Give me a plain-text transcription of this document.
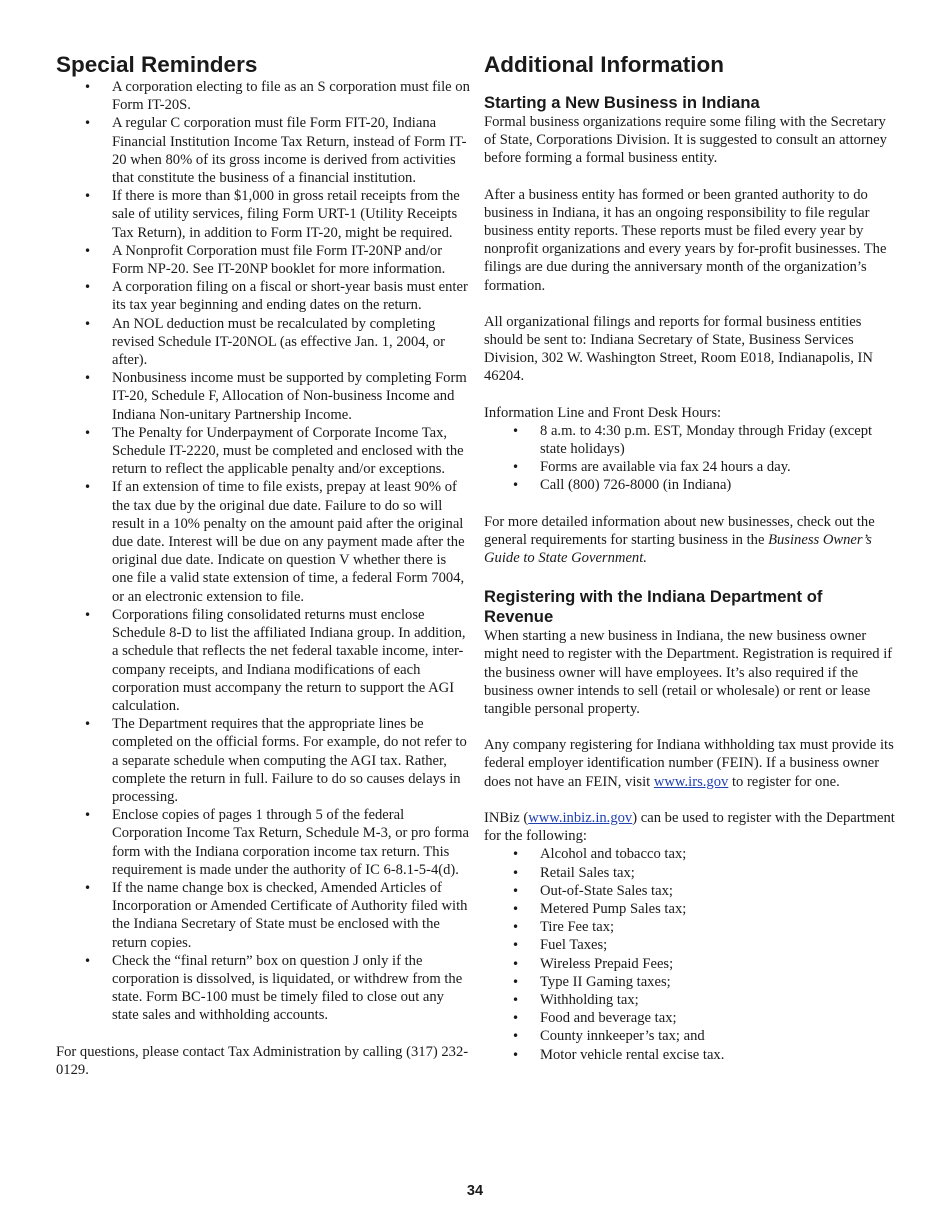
Special Reminders
• A corporation electing to file as an S corporation must file on Form IT-20S.
• A regular C corporation must file Form FIT-20, Indiana Financial Institution Income Tax Return, instead of Form IT-20 when 80% of its gross income is derived from activities that constitute the business of a financial institution.
• If there is more than $1,000 in gross retail receipts from the sale of utility services, filing Form URT-1 (Utility Receipts Tax Return), in addition to Form IT-20, might be required.
• A Nonprofit Corporation must file Form IT-20NP and/or Form NP-20. See IT-20NP booklet for more information.
• A corporation filing on a fiscal or short-year basis must enter its tax year beginning and ending dates on the return.
• An NOL deduction must be recalculated by completing revised Schedule IT-20NOL (as effective Jan. 1, 2004, or after).
• Nonbusiness income must be supported by completing Form IT-20, Schedule F, Allocation of Non-business Income and Indiana Non-unitary Partnership Income.
• The Penalty for Underpayment of Corporate Income Tax, Schedule IT-2220, must be completed and enclosed with the return to reflect the applicable penalty and/or exceptions.
• If an extension of time to file exists, prepay at least 90% of the tax due by the original due date. Failure to do so will result in a 10% penalty on the amount paid after the original due date. Interest will be due on any payment made after the original due date. Indicate on question V whether there is one file a valid state extension of time, a federal Form 7004, or an electronic extension to file.
• Corporations filing consolidated returns must enclose Schedule 8-D to list the affiliated Indiana group. In addition, a schedule that reflects the net federal taxable income, inter-company receipts, and Indiana modifications of each corporation must accompany the return to support the AGI calculation.
• The Department requires that the appropriate lines be completed on the official forms. For example, do not refer to a separate schedule when computing the AGI tax. Rather, complete the return in full. Failure to do so causes delays in processing.
• Enclose copies of pages 1 through 5 of the federal Corporation Income Tax Return, Schedule M-3, or pro forma form with the Indiana corporation income tax return. This requirement is made under the authority of IC 6-8.1-5-4(d).
• If the name change box is checked, Amended Articles of Incorporation or Amended Certificate of Authority filed with the Indiana Secretary of State must be enclosed with the return copies.
• Check the “final return” box on question J only if the corporation is dissolved, is liquidated, or withdrew from the state. Form BC-100 must be timely filed to close out any state sales and withholding accounts.

For questions, please contact Tax Administration by calling (317) 232-0129.

Additional Information
Starting a New Business in Indiana

Formal business organizations require some filing with the Secretary of State, Corporations Division. It is suggested to consult an attorney before forming a formal business entity.

After a business entity has formed or been granted authority to do business in Indiana, it has an ongoing responsibility to file regular business entity reports. These reports must be filed every year by nonprofit organizations and every years by for-profit businesses. The filings are due during the anniversary month of the organization’s formation.

All organizational filings and reports for formal business entities should be sent to: Indiana Secretary of State, Business Services Division, 302 W. Washington Street, Room E018, Indianapolis, IN 46204.

Information Line and Front Desk Hours:

• 8 a.m. to 4:30 p.m. EST, Monday through Friday (except state holidays)
• Forms are available via fax 24 hours a day.
• Call (800) 726-8000 (in Indiana)

For more detailed information about new businesses, check out the general requirements for starting business in the Business Owner’s Guide to State Government.

Registering with the Indiana Department of Revenue

When starting a new business in Indiana, the new business owner might need to register with the Department. Registration is required if the business owner will have employees. It’s also required if the business owner intends to sell (retail or wholesale) or rent or lease tangible personal property.

Any company registering for Indiana withholding tax must provide its federal employer identification number (FEIN). If a business owner does not have an FEIN, visit www.irs.gov to register for one.

INBiz (www.inbiz.in.gov) can be used to register with the Department for the following:

• Alcohol and tobacco tax;
• Retail Sales tax;
• Out-of-State Sales tax;
• Metered Pump Sales tax;
• Tire Fee tax;
• Fuel Taxes;
• Wireless Prepaid Fees;
• Type II Gaming taxes;
• Withholding tax;
• Food and beverage tax;
• County innkeeper’s tax; and
• Motor vehicle rental excise tax.
34
